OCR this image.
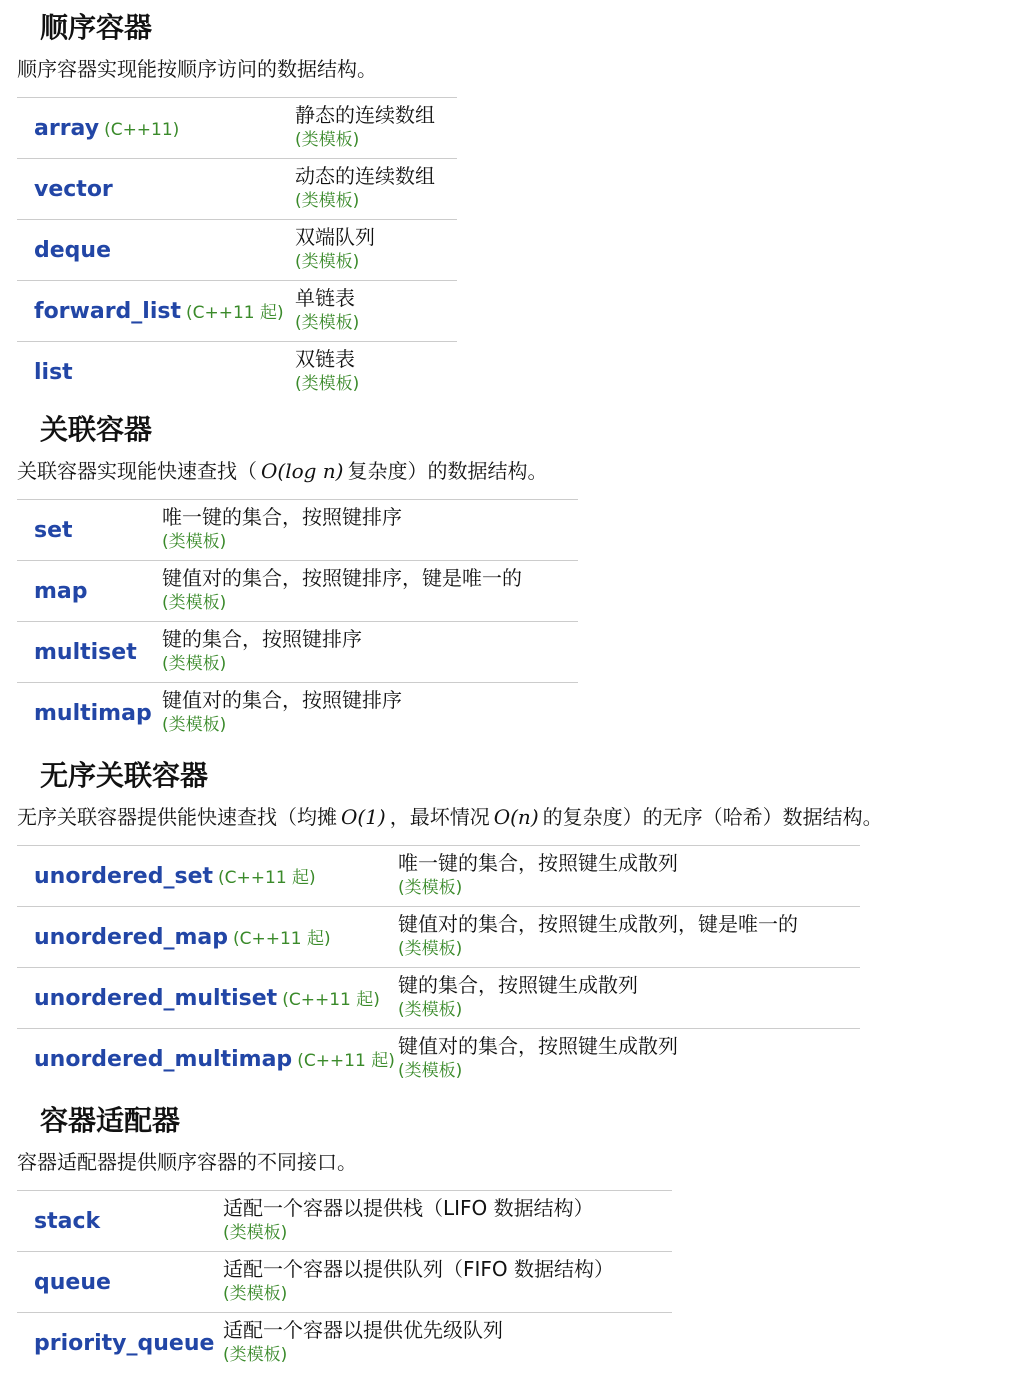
顺序容器
顺序容器实现能按顺序访问的数据结构。
array (C++11)	静态的连续数组
(类模板)

vector	动态的连续数组
(类模板)

deque	双端队列
(类模板)

forward_list (C++11 起)	单链表
(类模板)

list	双链表
(类模板)
关联容器
关联容器实现能快速查找（ O(log n) 复杂度）的数据结构。
set	唯一键的集合，按照键排序
(类模板)

map	键值对的集合，按照键排序，键是唯一的
(类模板)

multiset	键的集合，按照键排序
(类模板)

multimap	键值对的集合，按照键排序
(类模板)
无序关联容器
无序关联容器提供能快速查找（均摊 O(1) ，最坏情况 O(n) 的复杂度）的无序（哈希）数据结构。
unordered_set (C++11 起)	唯一键的集合，按照键生成散列
(类模板)

unordered_map (C++11 起)	键值对的集合，按照键生成散列，键是唯一的
(类模板)

unordered_multiset (C++11 起)	键的集合，按照键生成散列
(类模板)

unordered_multimap (C++11 起)	键值对的集合，按照键生成散列
(类模板)
容器适配器
容器适配器提供顺序容器的不同接口。
stack	适配一个容器以提供栈（LIFO 数据结构）
(类模板)

queue	适配一个容器以提供队列（FIFO 数据结构）
(类模板)

priority_queue	适配一个容器以提供优先级队列
(类模板)
